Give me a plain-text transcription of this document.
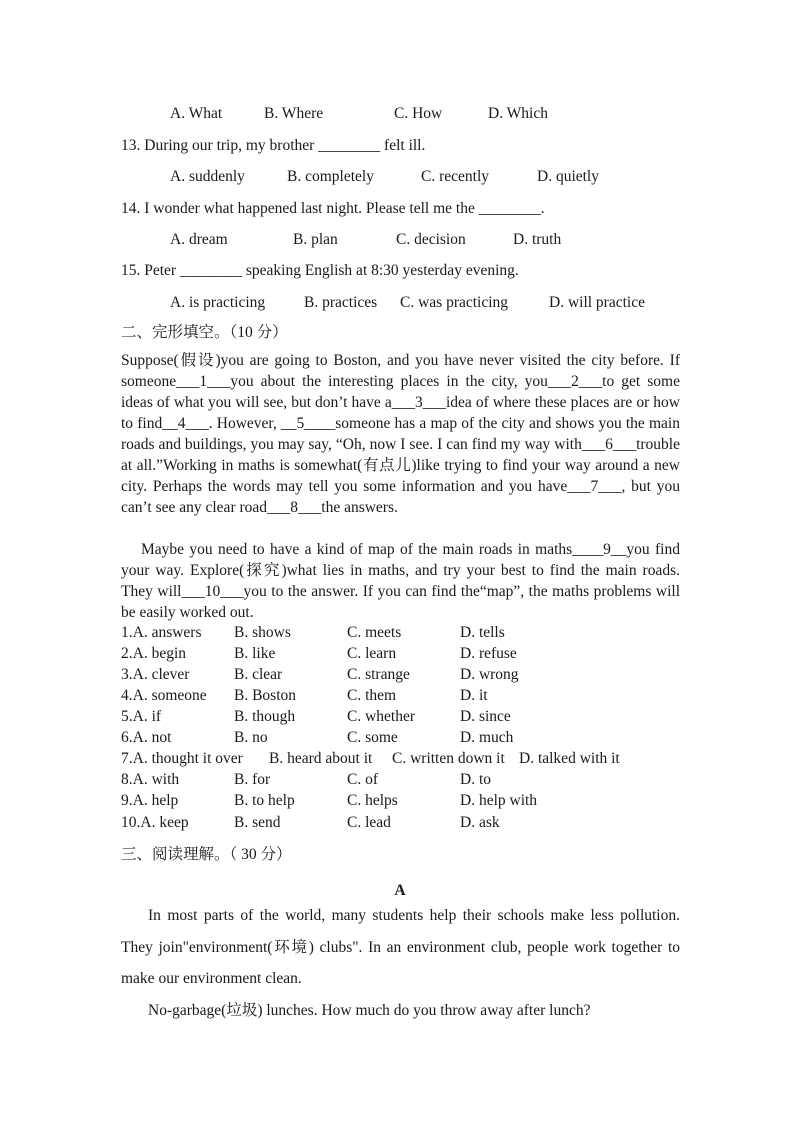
A. What	B. Where	C. How	D. Which
13. During our trip, my brother ________ felt ill.
A. suddenly	B. completely	C. recently	D. quietly
14. I wonder what happened last night. Please tell me the ________.
A. dream	B. plan	C. decision	D. truth
15. Peter ________ speaking English at 8:30 yesterday evening.
A. is practicing	B. practices C. was practicing	D. will practice
二、完形填空。（10 分）

Suppose(假设)you are going to Boston, and you have never visited the city before. If someone___1___you about the interesting places in the city, you___2___to get some ideas of what you will see, but don’t have a___3___idea of where these places are or how to find__4___. However, __5____someone has a map of the city and shows you the main roads and buildings, you may say, “Oh, now I see. I can find my way with___6___trouble at all.”Working in maths is somewhat(有点儿)like trying to find your way around a new city. Perhaps the words may tell you some information and you have___7___, but you can’t see any clear road___8___the answers.

Maybe you need to have a kind of map of the main roads in maths____9__you find your way. Explore(探究)what lies in maths, and try your best to find the main roads. They will___10___you to the answer. If you can find the“map”, the maths problems will be easily worked out.

1.A. answers B. shows	C. meets	D. tells
2.A. begin	B. like	C. learn	D. refuse
3.A. clever	B. clear	C. strange	D. wrong
4.A. someone B. Boston	C. them	D. it
5.A. if	B. though	C. whether	D. since
6.A. not	B. no	C. some	D. much
7.A. thought it over B. heard about it C. written down it D. talked with it
8.A. with	B. for	C. of	D. to
9.A. help	B. to help	C. helps	D. help with
10.A. keep	B. send	C. lead	D. ask
三、阅读理解。（ 30 分）
A

In most parts of the world, many students help their schools make less pollution. They join"environment(环境) clubs". In an environment club, people work together to make our environment clean.

No-garbage(垃圾) lunches. How much do you throw away after lunch?
